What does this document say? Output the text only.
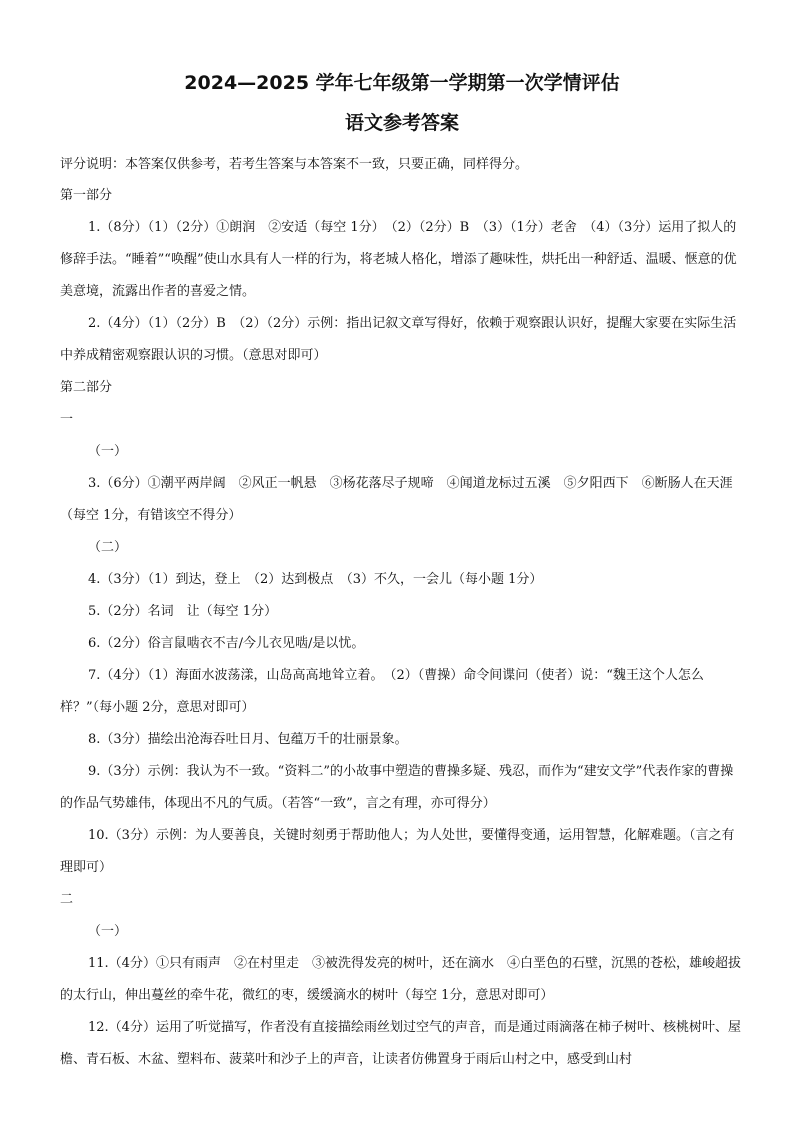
2024—2025 学年七年级第一学期第一次学情评估
语文参考答案

评分说明：本答案仅供参考，若考生答案与本答案不一致，只要正确，同样得分。

第一部分

1.（8分）（1）（2分）①朗润　②安适（每空 1分）　（2）（2分）B　（3）（1分）老舍　（4）（3分）运用了拟人的修辞手法。“睡着”“唤醒”使山水具有人一样的行为，将老城人格化，增添了趣味性，烘托出一种舒适、温暖、惬意的优美意境，流露出作者的喜爱之情。

2.（4分）（1）（2分）B　（2）（2分）示例：指出记叙文章写得好，依赖于观察跟认识好，提醒大家要在实际生活中养成精密观察跟认识的习惯。（意思对即可）

第二部分

一

（一）

3.（6分）①潮平两岸阔　②风正一帆悬　③杨花落尽子规啼　④闻道龙标过五溪　⑤夕阳西下　⑥断肠人在天涯（每空 1分，有错该空不得分）

（二）

4.（3分）（1）到达，登上　（2）达到极点　（3）不久，一会儿（每小题 1分）

5.（2分）名词　让（每空 1分）

6.（2分）俗言鼠啮衣不吉/今儿衣见啮/是以忧。

7.（4分）（1）海面水波荡漾，山岛高高地耸立着。　（2）（曹操）命令间谍问（使者）说：“魏王这个人怎么样？”（每小题 2分，意思对即可）

8.（3分）描绘出沧海吞吐日月、包蕴万千的壮丽景象。

9.（3分）示例：我认为不一致。“资料二”的小故事中塑造的曹操多疑、残忍，而作为“建安文学”代表作家的曹操的作品气势雄伟，体现出不凡的气质。（若答“一致”，言之有理，亦可得分）

10.（3分）示例：为人要善良，关键时刻勇于帮助他人；为人处世，要懂得变通，运用智慧，化解难题。（言之有理即可）

二

（一）

11.（4分）①只有雨声　②在村里走　③被洗得发亮的树叶，还在滴水　④白垩色的石壁，沉黑的苍松，雄峻超拔的太行山，伸出蔓丝的牵牛花，微红的枣，缓缓滴水的树叶（每空 1分，意思对即可）

12.（4分）运用了听觉描写，作者没有直接描绘雨丝划过空气的声音，而是通过雨滴落在柿子树叶、核桃树叶、屋檐、青石板、木盆、塑料布、菠菜叶和沙子上的声音，让读者仿佛置身于雨后山村之中，感受到山村
